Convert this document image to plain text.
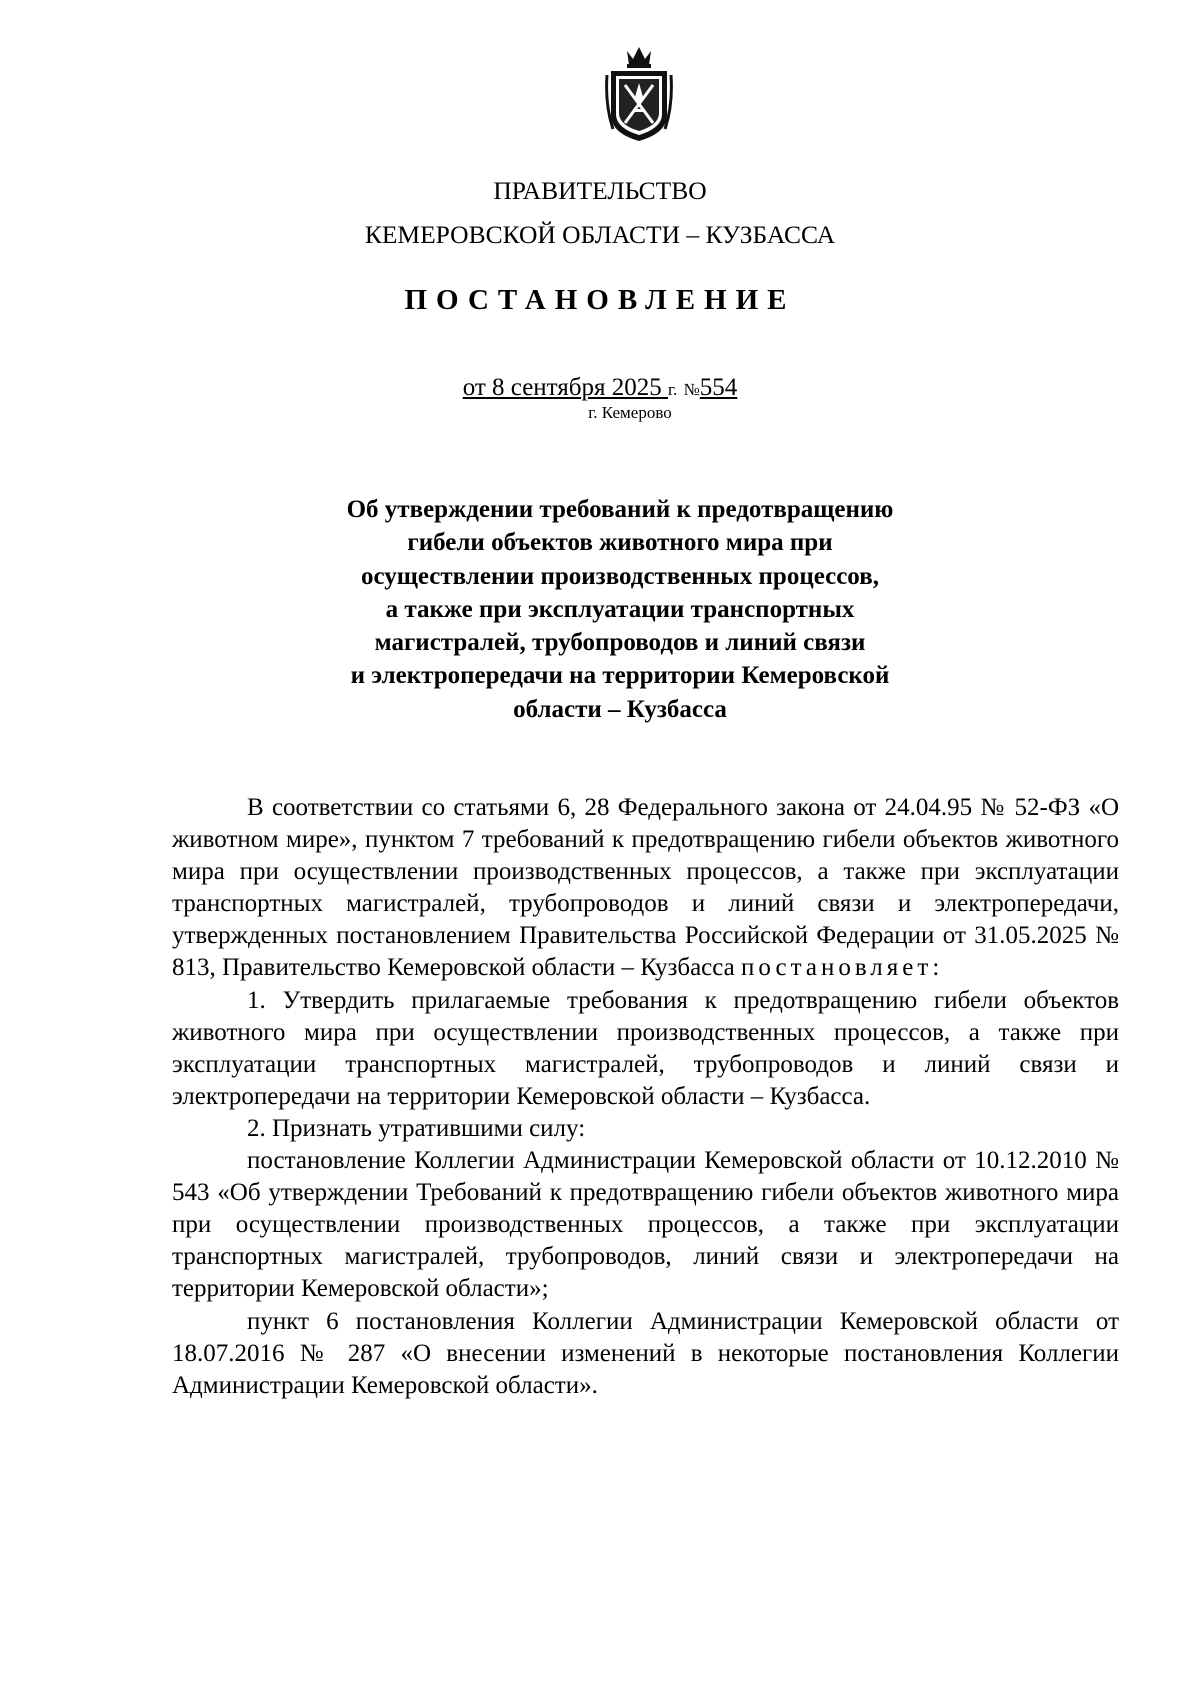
ПРАВИТЕЛЬСТВО
КЕМЕРОВСКОЙ ОБЛАСТИ – КУЗБАССА
ПОСТАНОВЛЕНИЕ
от 8 сентября 2025 г. №554
г. Кемерово
Об утверждении требований к предотвращению
гибели объектов животного мира при
осуществлении производственных процессов,
а также при эксплуатации транспортных
магистралей, трубопроводов и линий связи
и электропередачи на территории Кемеровской
области – Кузбасса

В соответствии со статьями 6, 28 Федерального закона от 24.04.95 № 52-ФЗ «О животном мире», пунктом 7 требований к предотвращению гибели объектов животного мира при осуществлении производственных процессов, а также при эксплуатации транспортных магистралей, трубопроводов и линий связи и электропередачи, утвержденных постановлением Правительства Российской Федерации от 31.05.2025 № 813, Правительство Кемеровской области – Кузбасса постановляет:

1. Утвердить прилагаемые требования к предотвращению гибели объектов животного мира при осуществлении производственных процессов, а также при эксплуатации транспортных магистралей, трубопроводов и линий связи и электропередачи на территории Кемеровской области – Кузбасса.

2. Признать утратившими силу:

постановление Коллегии Администрации Кемеровской области от 10.12.2010 № 543 «Об утверждении Требований к предотвращению гибели объектов животного мира при осуществлении производственных процессов, а также при эксплуатации транспортных магистралей, трубопроводов, линий связи и электропередачи на территории Кемеровской области»;

пункт 6 постановления Коллегии Администрации Кемеровской области от 18.07.2016 № 287 «О внесении изменений в некоторые постановления Коллегии Администрации Кемеровской области».
